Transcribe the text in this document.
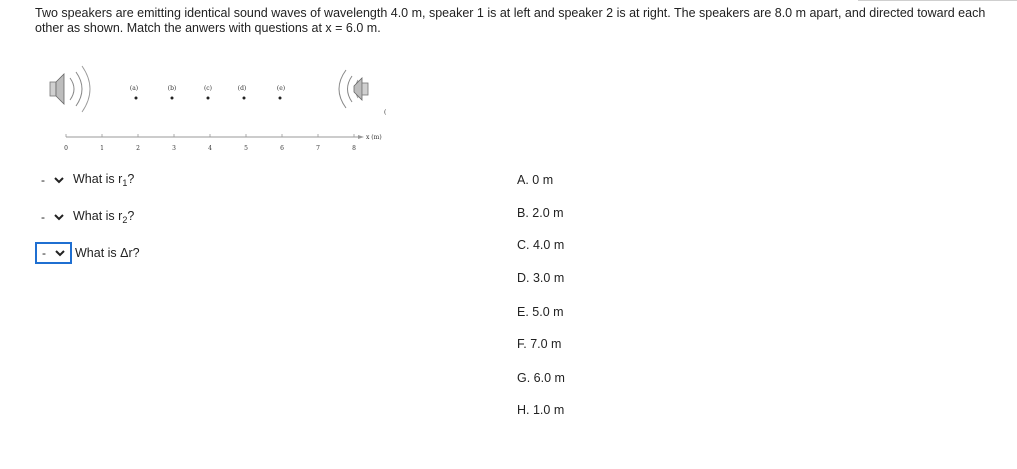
Two speakers are emitting identical sound waves of wavelength 4.0 m, speaker 1 is at left and speaker 2 is at right. The speakers are 8.0 m apart, and directed toward each other as shown. Match the anwers with questions at x = 6.0 m.
(
(a)	(b)	(c)	(d)	(e)
x (m)
0	1	2	3	4	5	6	7	8
- What is $r_1$?
- What is $r_2$?
- What is Δr?
A. 0 m
B. 2.0 m
C. 4.0 m
D. 3.0 m
E. 5.0 m
F. 7.0 m
G. 6.0 m
H. 1.0 m
